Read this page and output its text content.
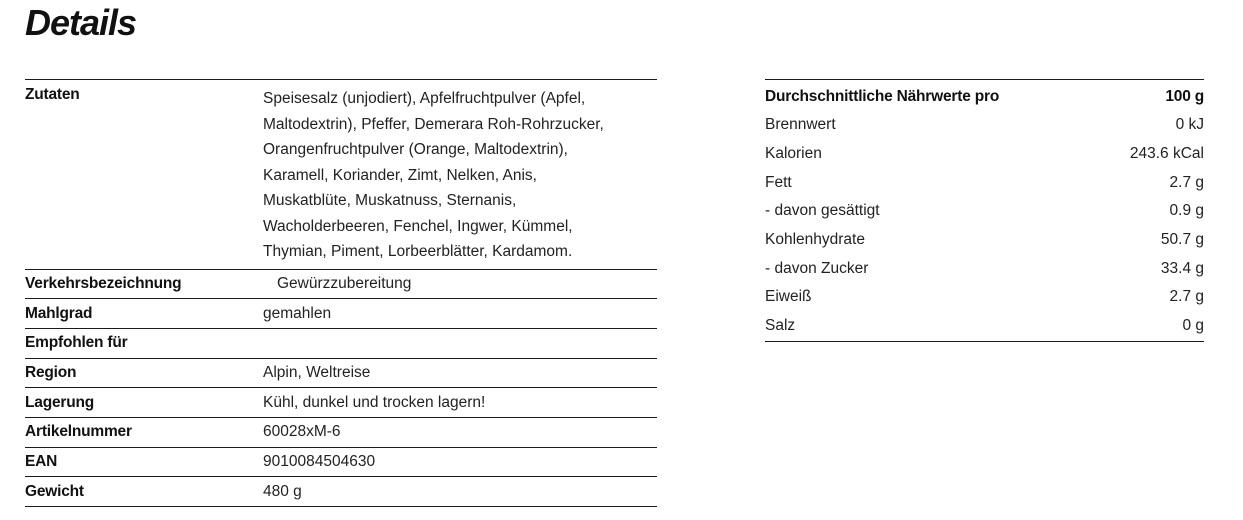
Details
Zutaten	Speisesalz (unjodiert), Apfelfruchtpulver (Apfel,
Maltodextrin), Pfeffer, Demerara Roh-Rohrzucker,
Orangenfruchtpulver (Orange, Maltodextrin),
Karamell, Koriander, Zimt, Nelken, Anis,
Muskatblüte, Muskatnuss, Sternanis,
Wacholderbeeren, Fenchel, Ingwer, Kümmel,
Thymian, Piment, Lorbeerblätter, Kardamom.
Verkehrsbezeichnung	Gewürzzubereitung
Mahlgrad	gemahlen
Empfohlen für
Region	Alpin, Weltreise
Lagerung	Kühl, dunkel und trocken lagern!
Artikelnummer	60028xM-6
EAN	9010084504630
Gewicht	480 g
Durchschnittliche Nährwerte pro	100 g
Brennwert	0 kJ
Kalorien	243.6 kCal
Fett	2.7 g
- davon gesättigt	0.9 g
Kohlenhydrate	50.7 g
- davon Zucker	33.4 g
Eiweiß	2.7 g
Salz	0 g
